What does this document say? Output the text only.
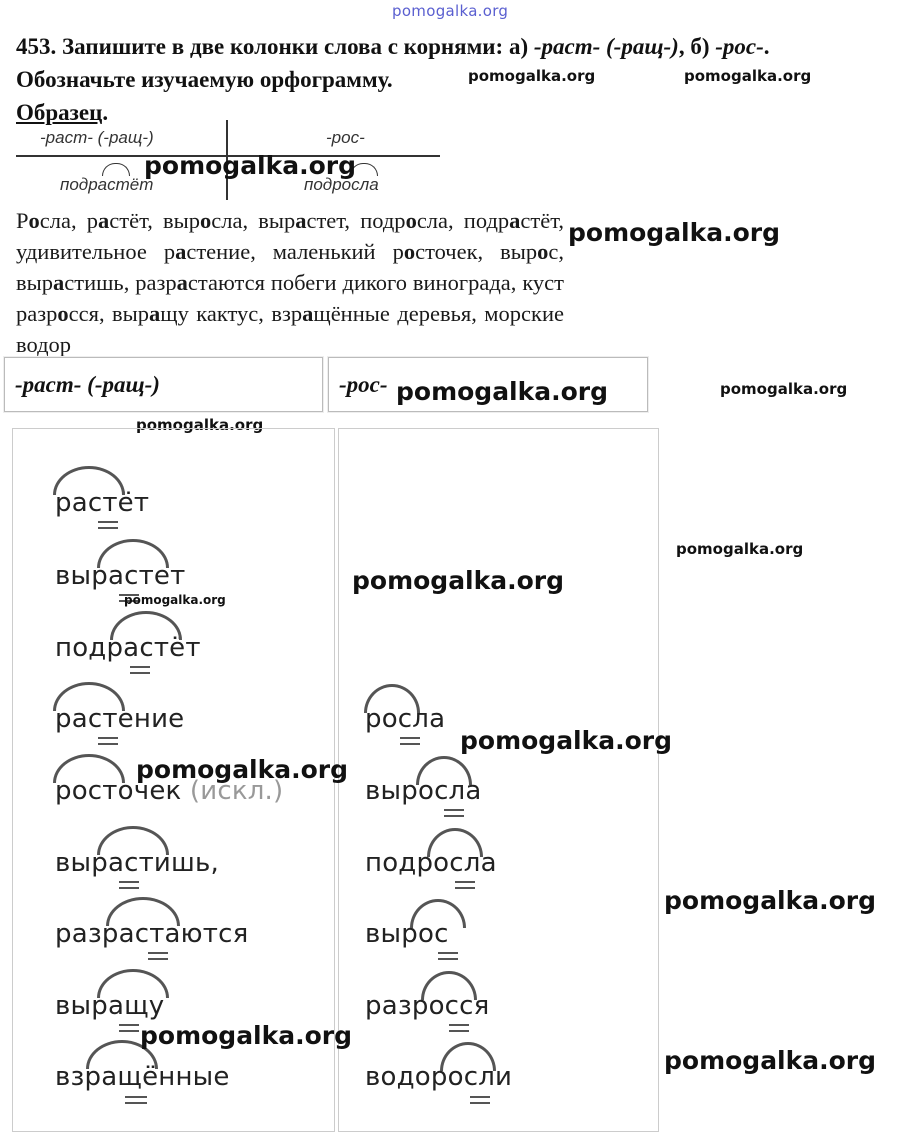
pomogalka.org
453. Запишите в две колонки слова с корнями: а) -раст- (-ращ-), б) -рос-.
Обозначьте изучаемую орфограмму.
Образец.
pomogalka.org	pomogalka.org
-раст- (-ращ-)	-рос-
подрастёт	подросла
pomogalka.org
Росла, растёт, выросла, вырастет, подросла, подрастёт, удивительное растение, маленький росточек, вырос, вырастишь, разрастаются побеги дикого винограда, куст разросся, выращу кактус, взращённые деревья, морские водор
pomogalka.org
-раст- (-ращ-)	-рос- pomogalka.org	pomogalka.org
pomogalka.org
растёт
вырастет
подрастёт
растение
росточек (искл.)
вырастишь,
разрастаются
выращу
взращённые
росла
выросла
подросла
вырос
разросся
водоросли
pomogalka.org
pomogalka.org
pomogalka.org
pomogalka.org
pomogalka.org
pomogalka.org
pomogalka.org
pomogalka.org
